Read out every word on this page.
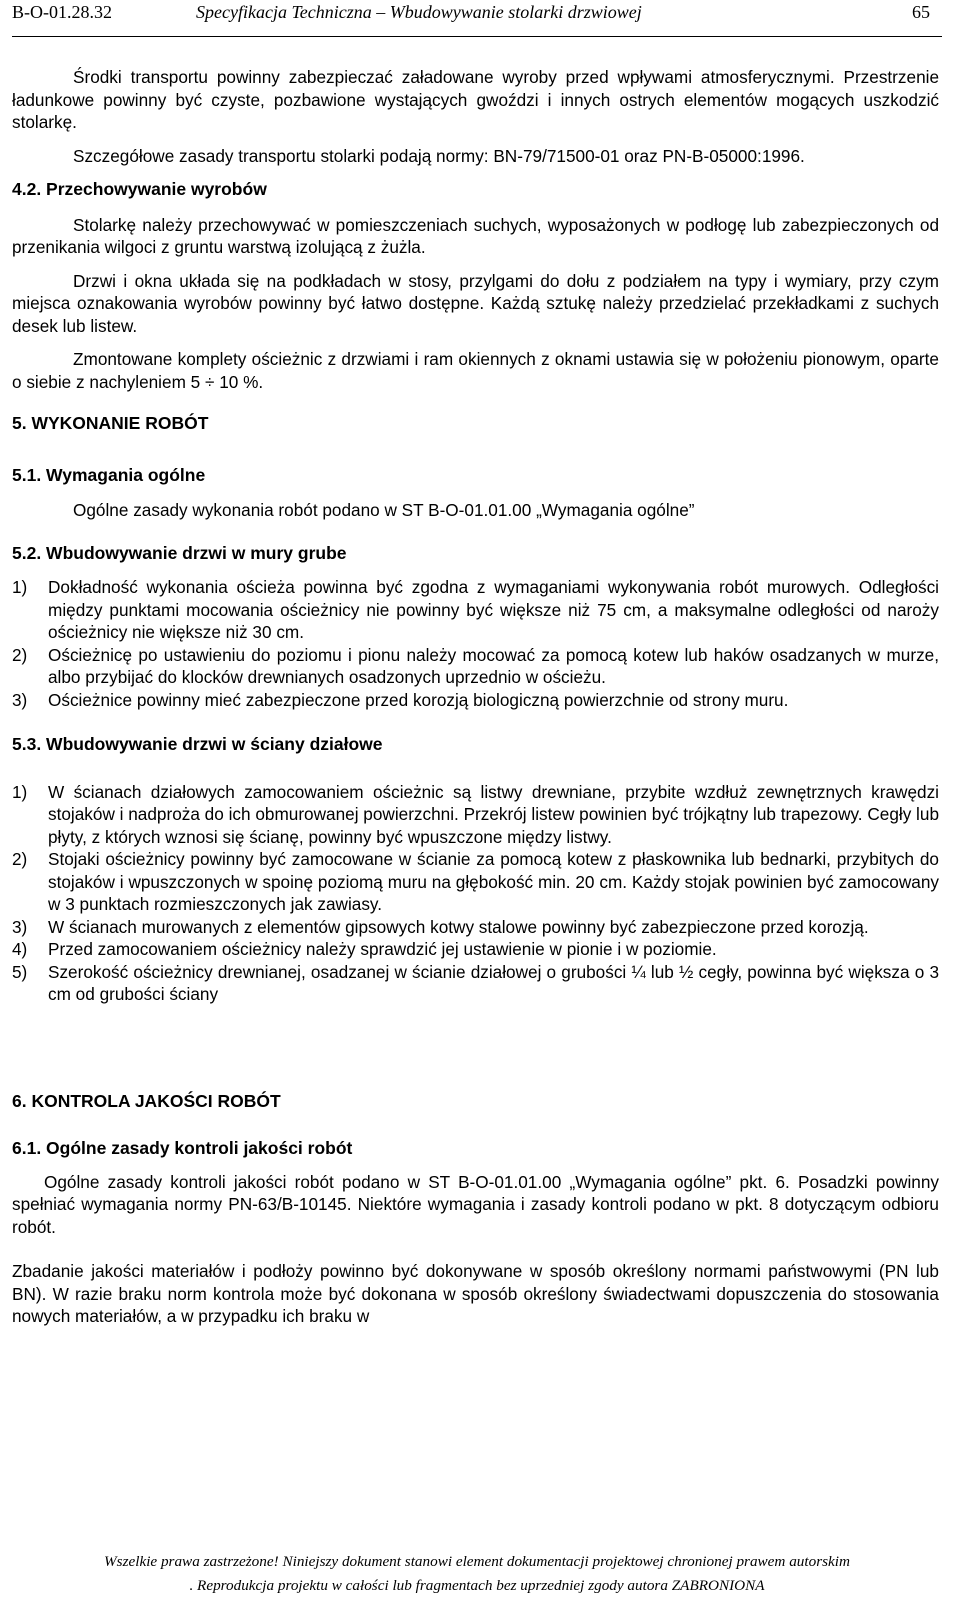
B-O-01.28.32	Specyfikacja Techniczna – Wbudowywanie stolarki drzwiowej	65

Środki transportu powinny zabezpieczać załadowane wyroby przed wpływami atmosferycznymi. Przestrzenie ładunkowe powinny być czyste, pozbawione wystających gwoździ i innych ostrych elementów mogących uszkodzić stolarkę.

Szczegółowe zasady transportu stolarki podają normy: BN-79/71500-01 oraz PN-B-05000:1996.

4.2. Przechowywanie wyrobów

Stolarkę należy przechowywać w pomieszczeniach suchych, wyposażonych w podłogę lub zabezpieczonych od przenikania wilgoci z gruntu warstwą izolującą z żużla.

Drzwi i okna układa się na podkładach w stosy, przylgami do dołu z podziałem na typy i wymiary, przy czym miejsca oznakowania wyrobów powinny być łatwo dostępne. Każdą sztukę należy przedzielać przekładkami z suchych desek lub listew.

Zmontowane komplety ościeżnic z drzwiami i ram okiennych z oknami ustawia się w położeniu pionowym, oparte o siebie z nachyleniem 5 ÷ 10 %.

5. WYKONANIE ROBÓT
5.1. Wymagania ogólne

Ogólne zasady wykonania robót podano w ST B-O-01.01.00 „Wymagania ogólne”

5.2. Wbudowywanie drzwi w mury grube
1) Dokładność wykonania ościeża powinna być zgodna z wymaganiami wykonywania robót murowych. Odległości między punktami mocowania ościeżnicy nie powinny być większe niż 75 cm, a maksymalne odległości od naroży ościeżnicy nie większe niż 30 cm.
2) Ościeżnicę po ustawieniu do poziomu i pionu należy mocować za pomocą kotew lub haków osadzanych w murze, albo przybijać do klocków drewnianych osadzonych uprzednio w ościeżu.
3) Ościeżnice powinny mieć zabezpieczone przed korozją biologiczną powierzchnie od strony muru.
5.3. Wbudowywanie drzwi w ściany działowe
1) W ścianach działowych zamocowaniem ościeżnic są listwy drewniane, przybite wzdłuż zewnętrznych krawędzi stojaków i nadproża do ich obmurowanej powierzchni. Przekrój listew powinien być trójkątny lub trapezowy. Cegły lub płyty, z których wznosi się ścianę, powinny być wpuszczone między listwy.
2) Stojaki ościeżnicy powinny być zamocowane w ścianie za pomocą kotew z płaskownika lub bednarki, przybitych do stojaków i wpuszczonych w spoinę poziomą muru na głębokość min. 20 cm. Każdy stojak powinien być zamocowany w 3 punktach rozmieszczonych jak zawiasy.
3) W ścianach murowanych z elementów gipsowych kotwy stalowe powinny być zabezpieczone przed korozją.
4) Przed zamocowaniem ościeżnicy należy sprawdzić jej ustawienie w pionie i w poziomie.
5) Szerokość ościeżnicy drewnianej, osadzanej w ścianie działowej o grubości ¼ lub ½ cegły, powinna być większa o 3 cm od grubości ściany
6. KONTROLA JAKOŚCI ROBÓT
6.1. Ogólne zasady kontroli jakości robót

Ogólne zasady kontroli jakości robót podano w ST B-O-01.01.00 „Wymagania ogólne” pkt. 6. Posadzki powinny spełniać wymagania normy PN-63/B-10145. Niektóre wymagania i zasady kontroli podano w pkt. 8 dotyczącym odbioru robót.

Zbadanie jakości materiałów i podłoży powinno być dokonywane w sposób określony normami państwowymi (PN lub BN). W razie braku norm kontrola może być dokonana w sposób określony świadectwami dopuszczenia do stosowania nowych materiałów, a w przypadku ich braku w

Wszelkie prawa zastrzeżone! Niniejszy dokument stanowi element dokumentacji projektowej chronionej prawem autorskim
. Reprodukcja projektu w całości lub fragmentach bez uprzedniej zgody autora ZABRONIONA
